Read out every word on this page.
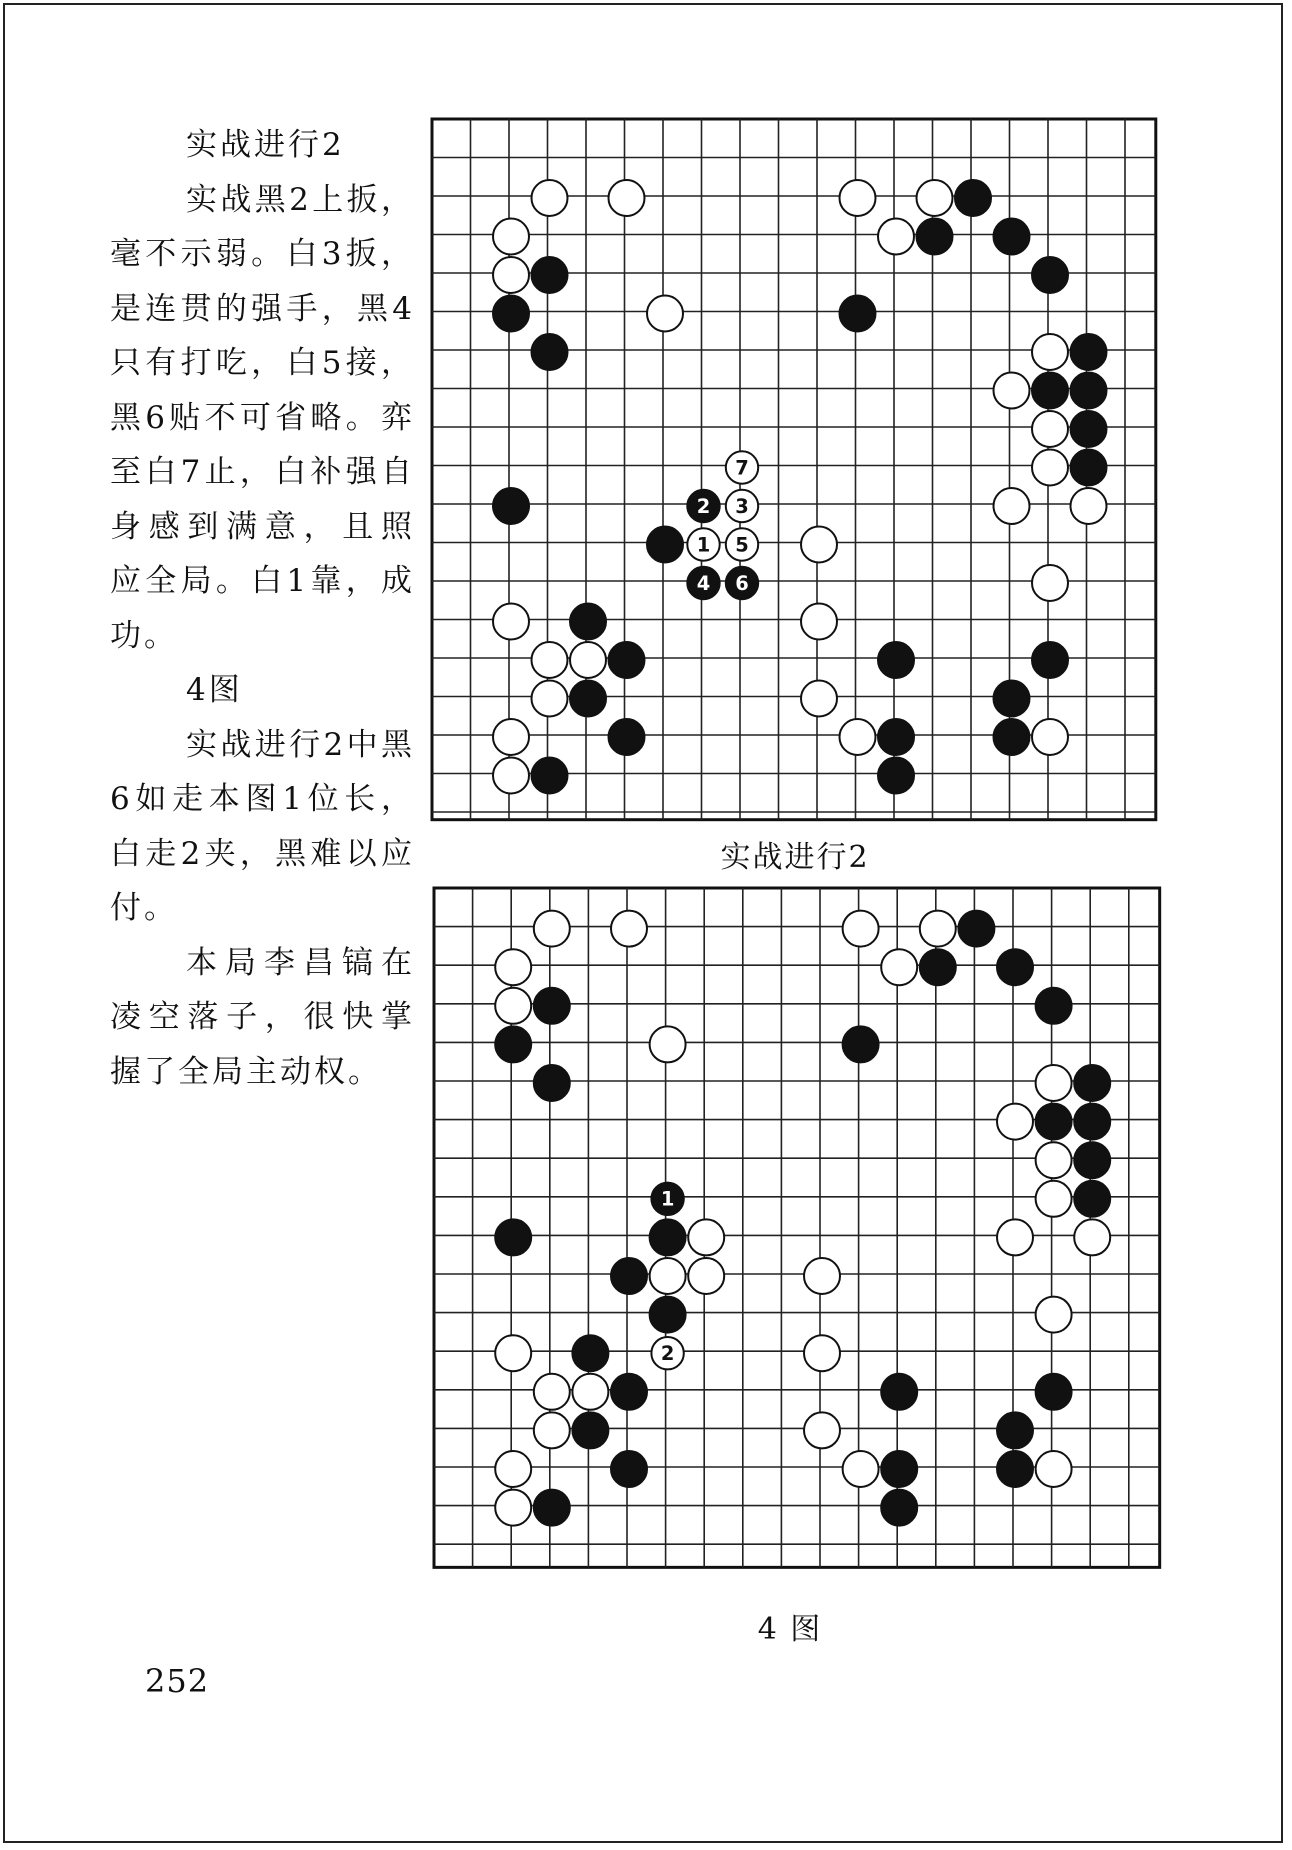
实战进行2

实战黑2上扳，毫不示弱。白3扳，是连贯的强手，黑4只有打吃，白5接，黑6贴不可省略。弈至白7止，白补强自身感到满意，且照应全局。白1靠，成功。

4图

实战进行2中黑6如走本图1位长，白走2夹，黑难以应付。

本局李昌镐在凌空落子，很快掌握了全局主动权。

2 3
1 5
4 6
7
实战进行2
1
2
4 图
252
